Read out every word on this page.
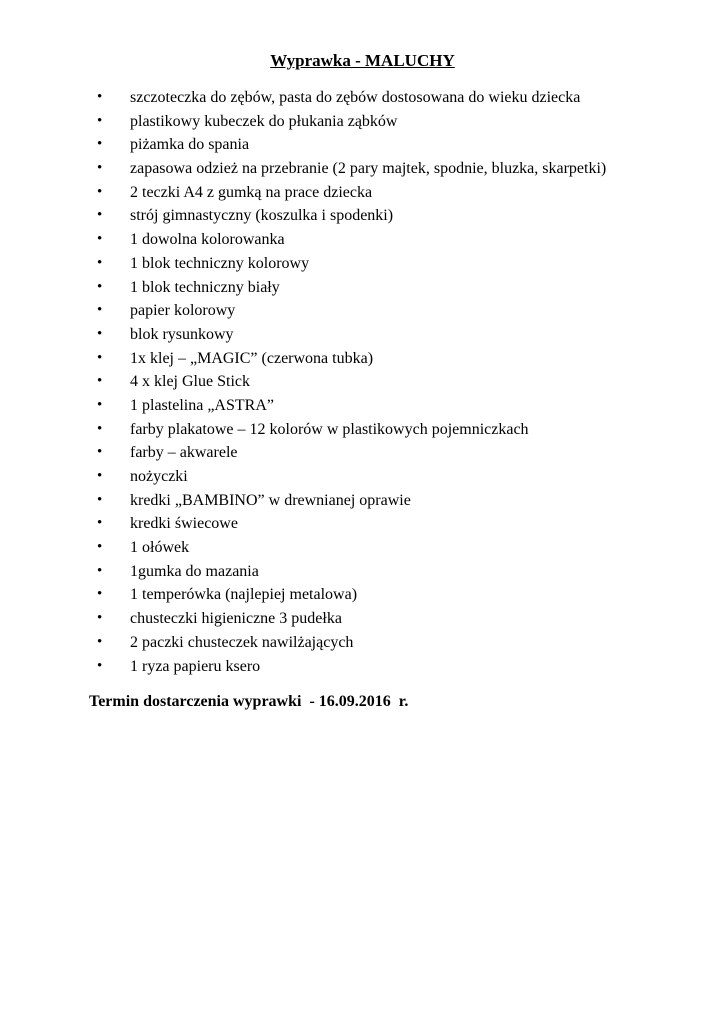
Wyprawka - MALUCHY
•	szczoteczka do zębów, pasta do zębów dostosowana do wieku dziecka
•	plastikowy kubeczek do płukania ząbków
•	piżamka do spania
•	zapasowa odzież na przebranie (2 pary majtek, spodnie, bluzka, skarpetki)
•	2 teczki A4 z gumką na prace dziecka
•	strój gimnastyczny (koszulka i spodenki)
•	1 dowolna kolorowanka
•	1 blok techniczny kolorowy
•	1 blok techniczny biały
•	papier kolorowy
•	blok rysunkowy
•	1x klej – „MAGIC” (czerwona tubka)
•	4 x klej Glue Stick
•	1 plastelina „ASTRA”
•	farby plakatowe – 12 kolorów w plastikowych pojemniczkach
•	farby – akwarele
•	nożyczki
•	kredki „BAMBINO” w drewnianej oprawie
•	kredki świecowe
•	1 ołówek
•	1gumka do mazania
•	1 temperówka (najlepiej metalowa)
•	chusteczki higieniczne 3 pudełka
•	2 paczki chusteczek nawilżających
•	1 ryza papieru ksero
Termin dostarczenia wyprawki  - 16.09.2016  r.
